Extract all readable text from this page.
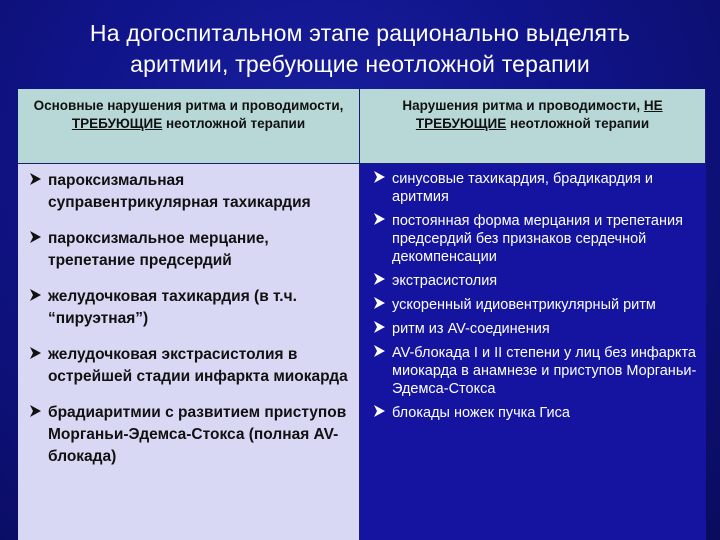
На догоспитальном этапе рационально выделять
аритмии, требующие неотложной терапии
Основные нарушения ритма и проводимости, ТРЕБУЮЩИЕ неотложной терапии
Нарушения ритма и проводимости, НЕ ТРЕБУЮЩИЕ неотложной терапии
пароксизмальная суправентрикулярная тахикардия
пароксизмальное мерцание, трепетание предсердий
желудочковая тахикардия (в т.ч. “пируэтная”)
желудочковая экстрасистолия в острейшей стадии инфаркта миокарда
брадиаритмии с развитием приступов Морганьи-Эдемса-Стокса (полная AV-блокада)
синусовые тахикардия, брадикардия и аритмия
постоянная форма мерцания и трепетания предсердий без признаков сердечной декомпенсации
экстрасистолия
ускоренный идиовентрикулярный ритм
ритм из AV-соединения
AV-блокада I и II степени у лиц без инфаркта миокарда в анамнезе и приступов Морганьи-Эдемса-Стокса
блокады ножек пучка Гиса
